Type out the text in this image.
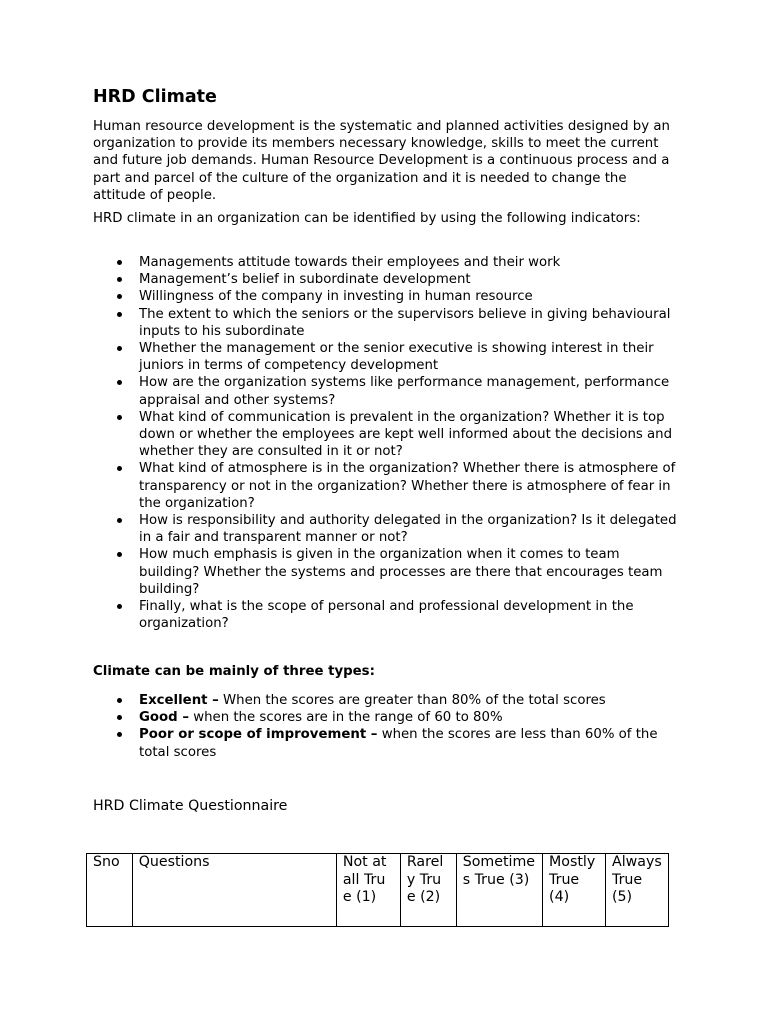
HRD Climate

Human resource development is the systematic and planned activities designed by an organization to provide its members necessary knowledge, skills to meet the current and future job demands. Human Resource Development is a continuous process and a part and parcel of the culture of the organization and it is needed to change the attitude of people.

HRD climate in an organization can be identified by using the following indicators:

Managements attitude towards their employees and their work
Management’s belief in subordinate development
Willingness of the company in investing in human resource
The extent to which the seniors or the supervisors believe in giving behavioural inputs to his subordinate
Whether the management or the senior executive is showing interest in their juniors in terms of competency development
How are the organization systems like performance management, performance appraisal and other systems?
What kind of communication is prevalent in the organization? Whether it is top down or whether the employees are kept well informed about the decisions and whether they are consulted in it or not?
What kind of atmosphere is in the organization? Whether there is atmosphere of transparency or not in the organization? Whether there is atmosphere of fear in the organization?
How is responsibility and authority delegated in the organization? Is it delegated in a fair and transparent manner or not?
How much emphasis is given in the organization when it comes to team building? Whether the systems and processes are there that encourages team building?
Finally, what is the scope of personal and professional development in the organization?

Climate can be mainly of three types:

Excellent – When the scores are greater than 80% of the total scores
Good – when the scores are in the range of 60 to 80%
Poor or scope of improvement – when the scores are less than 60% of the total scores

HRD Climate Questionnaire

Sno	Questions	Not at all True (1)	Rarely True (2)	Sometimes True (3)	Mostly True (4)	Always True (5)
